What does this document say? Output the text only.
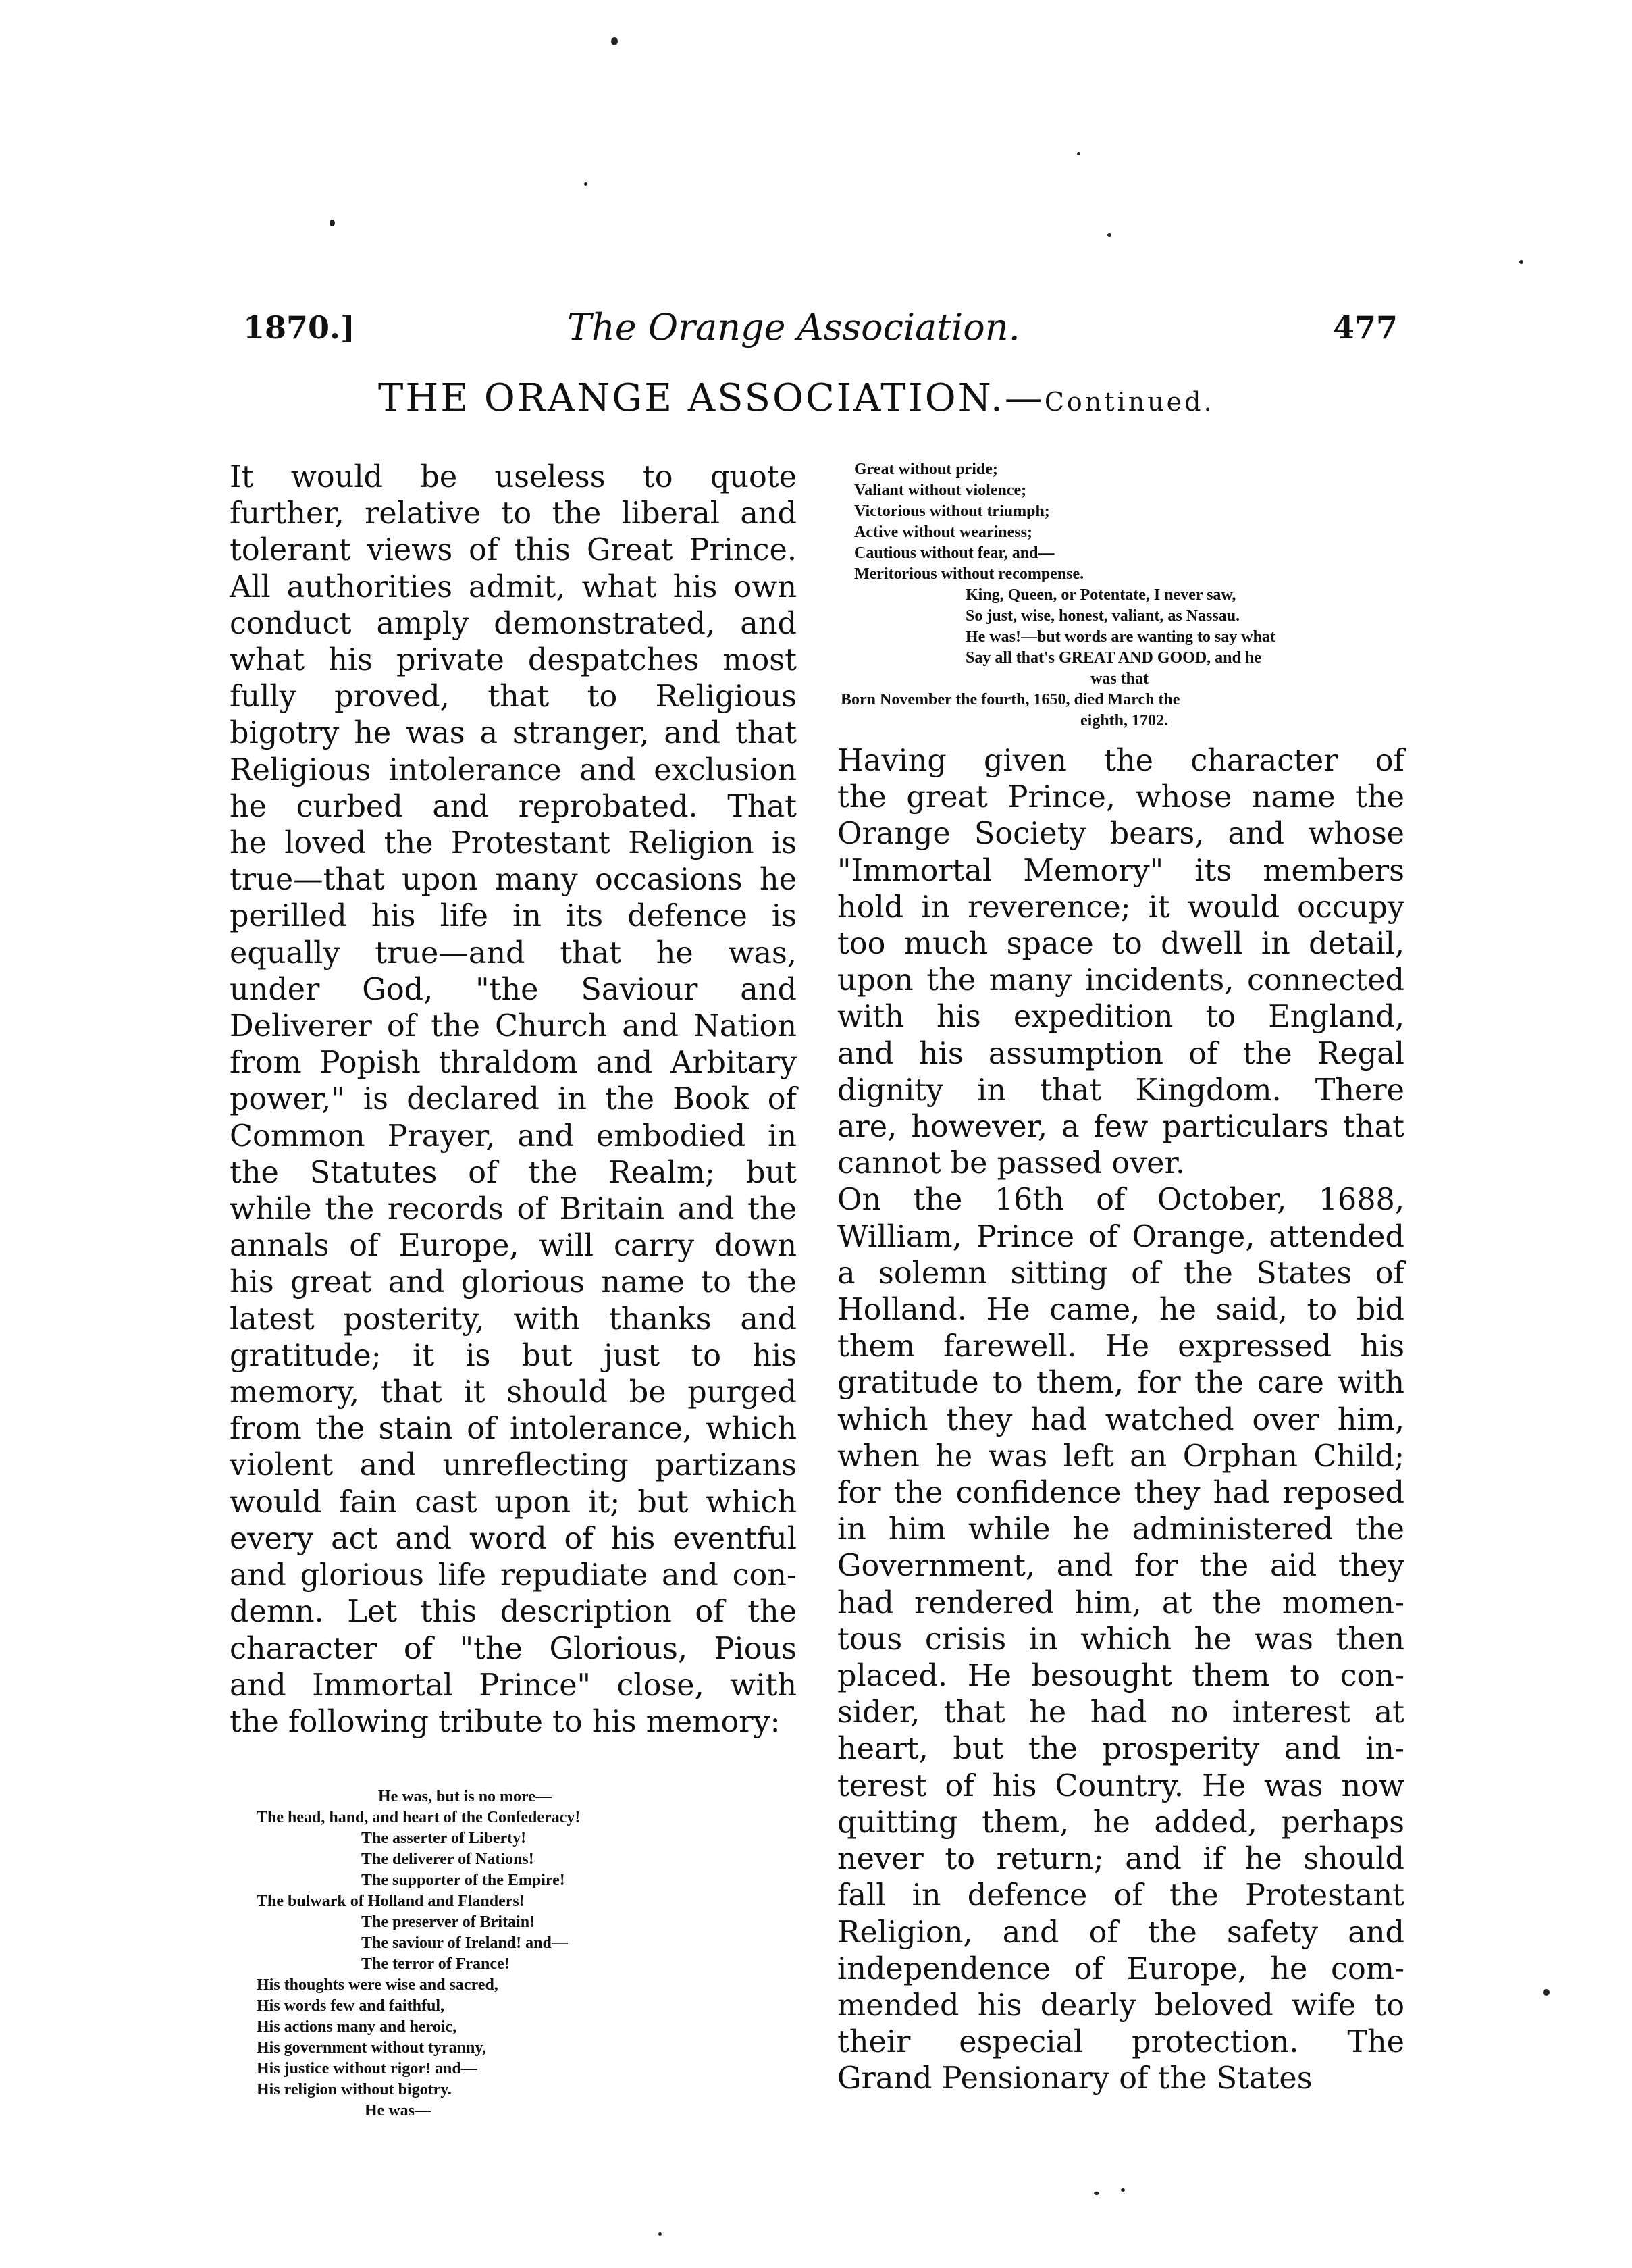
1870.]	The Orange Association.	477
THE ORANGE ASSOCIATION.—Continued.
It would be useless to quote
further, relative to the liberal and
tolerant views of this Great Prince.
All authorities admit, what his own
conduct amply demonstrated, and
what his private despatches most
fully proved, that to Religious
bigotry he was a stranger, and that
Religious intolerance and exclusion
he curbed and reprobated. That
he loved the Protestant Religion is
true—that upon many occasions he
perilled his life in its defence is
equally true—and that he was,
under God, "the Saviour and
Deliverer of the Church and Nation
from Popish thraldom and Arbitary
power," is declared in the Book of
Common Prayer, and embodied in
the Statutes of the Realm; but
while the records of Britain and the
annals of Europe, will carry down
his great and glorious name to the
latest posterity, with thanks and
gratitude; it is but just to his
memory, that it should be purged
from the stain of intolerance, which
violent and unreflecting partizans
would fain cast upon it; but which
every act and word of his eventful
and glorious life repudiate and con-
demn. Let this description of the
character of "the Glorious, Pious
and Immortal Prince" close, with
the following tribute to his memory:
He was, but is no more—
The head, hand, and heart of the Confederacy!
The asserter of Liberty!
The deliverer of Nations!
The supporter of the Empire!
The bulwark of Holland and Flanders!
The preserver of Britain!
The saviour of Ireland! and—
The terror of France!
His thoughts were wise and sacred,
His words few and faithful,
His actions many and heroic,
His government without tyranny,
His justice without rigor! and—
His religion without bigotry.
He was—
Great without pride;
Valiant without violence;
Victorious without triumph;
Active without weariness;
Cautious without fear, and—
Meritorious without recompense.
King, Queen, or Potentate, I never saw,
So just, wise, honest, valiant, as Nassau.
He was!—but words are wanting to say what
Say all that's GREAT AND GOOD, and he
was that
Born November the fourth, 1650, died March the
eighth, 1702.
Having given the character of
the great Prince, whose name the
Orange Society bears, and whose
"Immortal Memory" its members
hold in reverence; it would occupy
too much space to dwell in detail,
upon the many incidents, connected
with his expedition to England,
and his assumption of the Regal
dignity in that Kingdom. There
are, however, a few particulars that
cannot be passed over.
On the 16th of October, 1688,
William, Prince of Orange, attended
a solemn sitting of the States of
Holland. He came, he said, to bid
them farewell. He expressed his
gratitude to them, for the care with
which they had watched over him,
when he was left an Orphan Child;
for the confidence they had reposed
in him while he administered the
Government, and for the aid they
had rendered him, at the momen-
tous crisis in which he was then
placed. He besought them to con-
sider, that he had no interest at
heart, but the prosperity and in-
terest of his Country. He was now
quitting them, he added, perhaps
never to return; and if he should
fall in defence of the Protestant
Religion, and of the safety and
independence of Europe, he com-
mended his dearly beloved wife to
their especial protection. The
Grand Pensionary of the States
